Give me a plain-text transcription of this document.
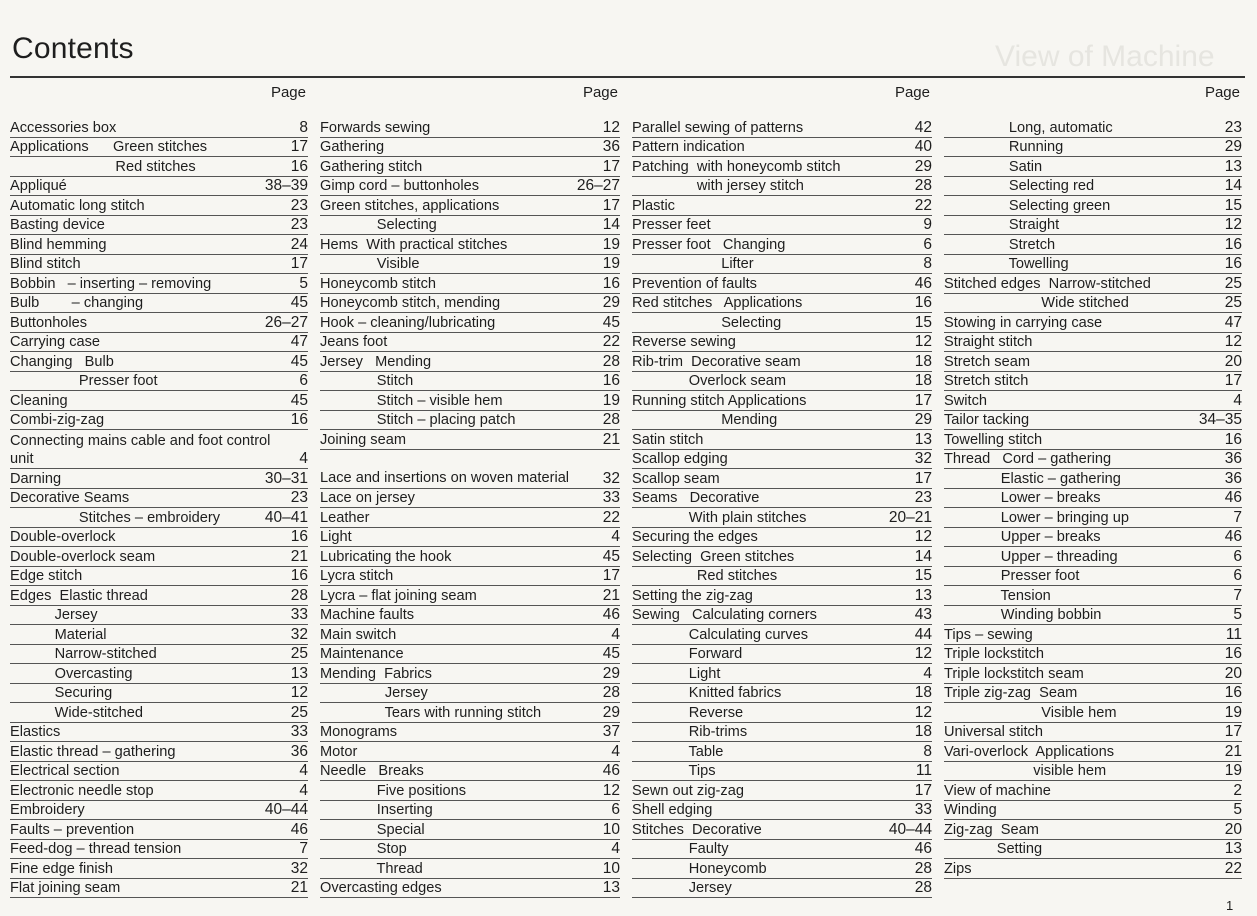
View of Machine
Contents
Page
Accessories box	8
Applications      Green stitches	17
Red stitches	16
Appliqué	38–39
Automatic long stitch	23
Basting device	23
Blind hemming	24
Blind stitch	17
Bobbin   – inserting – removing	5
Bulb        – changing	45
Buttonholes	26–27
Carrying case	47
Changing   Bulb	45
Presser foot	6
Cleaning	45
Combi-zig-zag	16
Connecting mains cable and foot control unit	4
Darning	30–31
Decorative Seams	23
Stitches – embroidery	40–41
Double-overlock	16
Double-overlock seam	21
Edge stitch	16
Edges  Elastic thread	28
Jersey	33
Material	32
Narrow-stitched	25
Overcasting	13
Securing	12
Wide-stitched	25
Elastics	33
Elastic thread – gathering	36
Electrical section	4
Electronic needle stop	4
Embroidery	40–44
Faults – prevention	46
Feed-dog – thread tension	7
Fine edge finish	32
Flat joining seam	21
Page
Forwards sewing	12
Gathering	36
Gathering stitch	17
Gimp cord – buttonholes	26–27
Green stitches, applications	17
Selecting	14
Hems  With practical stitches	19
Visible	19
Honeycomb stitch	16
Honeycomb stitch, mending	29
Hook – cleaning/lubricating	45
Jeans foot	22
Jersey   Mending	28
Stitch	16
Stitch – visible hem	19
Stitch – placing patch	28
Joining seam	21
Lace and insertions on woven material	32
Lace on jersey	33
Leather	22
Light	4
Lubricating the hook	45
Lycra stitch	17
Lycra – flat joining seam	21
Machine faults	46
Main switch	4
Maintenance	45
Mending  Fabrics	29
Jersey	28
Tears with running stitch	29
Monograms	37
Motor	4
Needle   Breaks	46
Five positions	12
Inserting	6
Special	10
Stop	4
Thread	10
Overcasting edges	13
Page
Parallel sewing of patterns	42
Pattern indication	40
Patching  with honeycomb stitch	29
with jersey stitch	28
Plastic	22
Presser feet	9
Presser foot   Changing	6
Lifter	8
Prevention of faults	46
Red stitches   Applications	16
Selecting	15
Reverse sewing	12
Rib-trim  Decorative seam	18
Overlock seam	18
Running stitch Applications	17
Mending	29
Satin stitch	13
Scallop edging	32
Scallop seam	17
Seams   Decorative	23
With plain stitches	20–21
Securing the edges	12
Selecting  Green stitches	14
Red stitches	15
Setting the zig-zag	13
Sewing   Calculating corners	43
Calculating curves	44
Forward	12
Light	4
Knitted fabrics	18
Reverse	12
Rib-trims	18
Table	8
Tips	11
Sewn out zig-zag	17
Shell edging	33
Stitches  Decorative	40–44
Faulty	46
Honeycomb	28
Jersey	28
Page
Long, automatic	23
Running	29
Satin	13
Selecting red	14
Selecting green	15
Straight	12
Stretch	16
Towelling	16
Stitched edges  Narrow-stitched	25
Wide stitched	25
Stowing in carrying case	47
Straight stitch	12
Stretch seam	20
Stretch stitch	17
Switch	4
Tailor tacking	34–35
Towelling stitch	16
Thread   Cord – gathering	36
Elastic – gathering	36
Lower – breaks	46
Lower – bringing up	7
Upper – breaks	46
Upper – threading	6
Presser foot	6
Tension	7
Winding bobbin	5
Tips – sewing	11
Triple lockstitch	16
Triple lockstitch seam	20
Triple zig-zag  Seam	16
Visible hem	19
Universal stitch	17
Vari-overlock  Applications	21
visible hem	19
View of machine	2
Winding	5
Zig-zag  Seam	20
Setting	13
Zips	22
1
